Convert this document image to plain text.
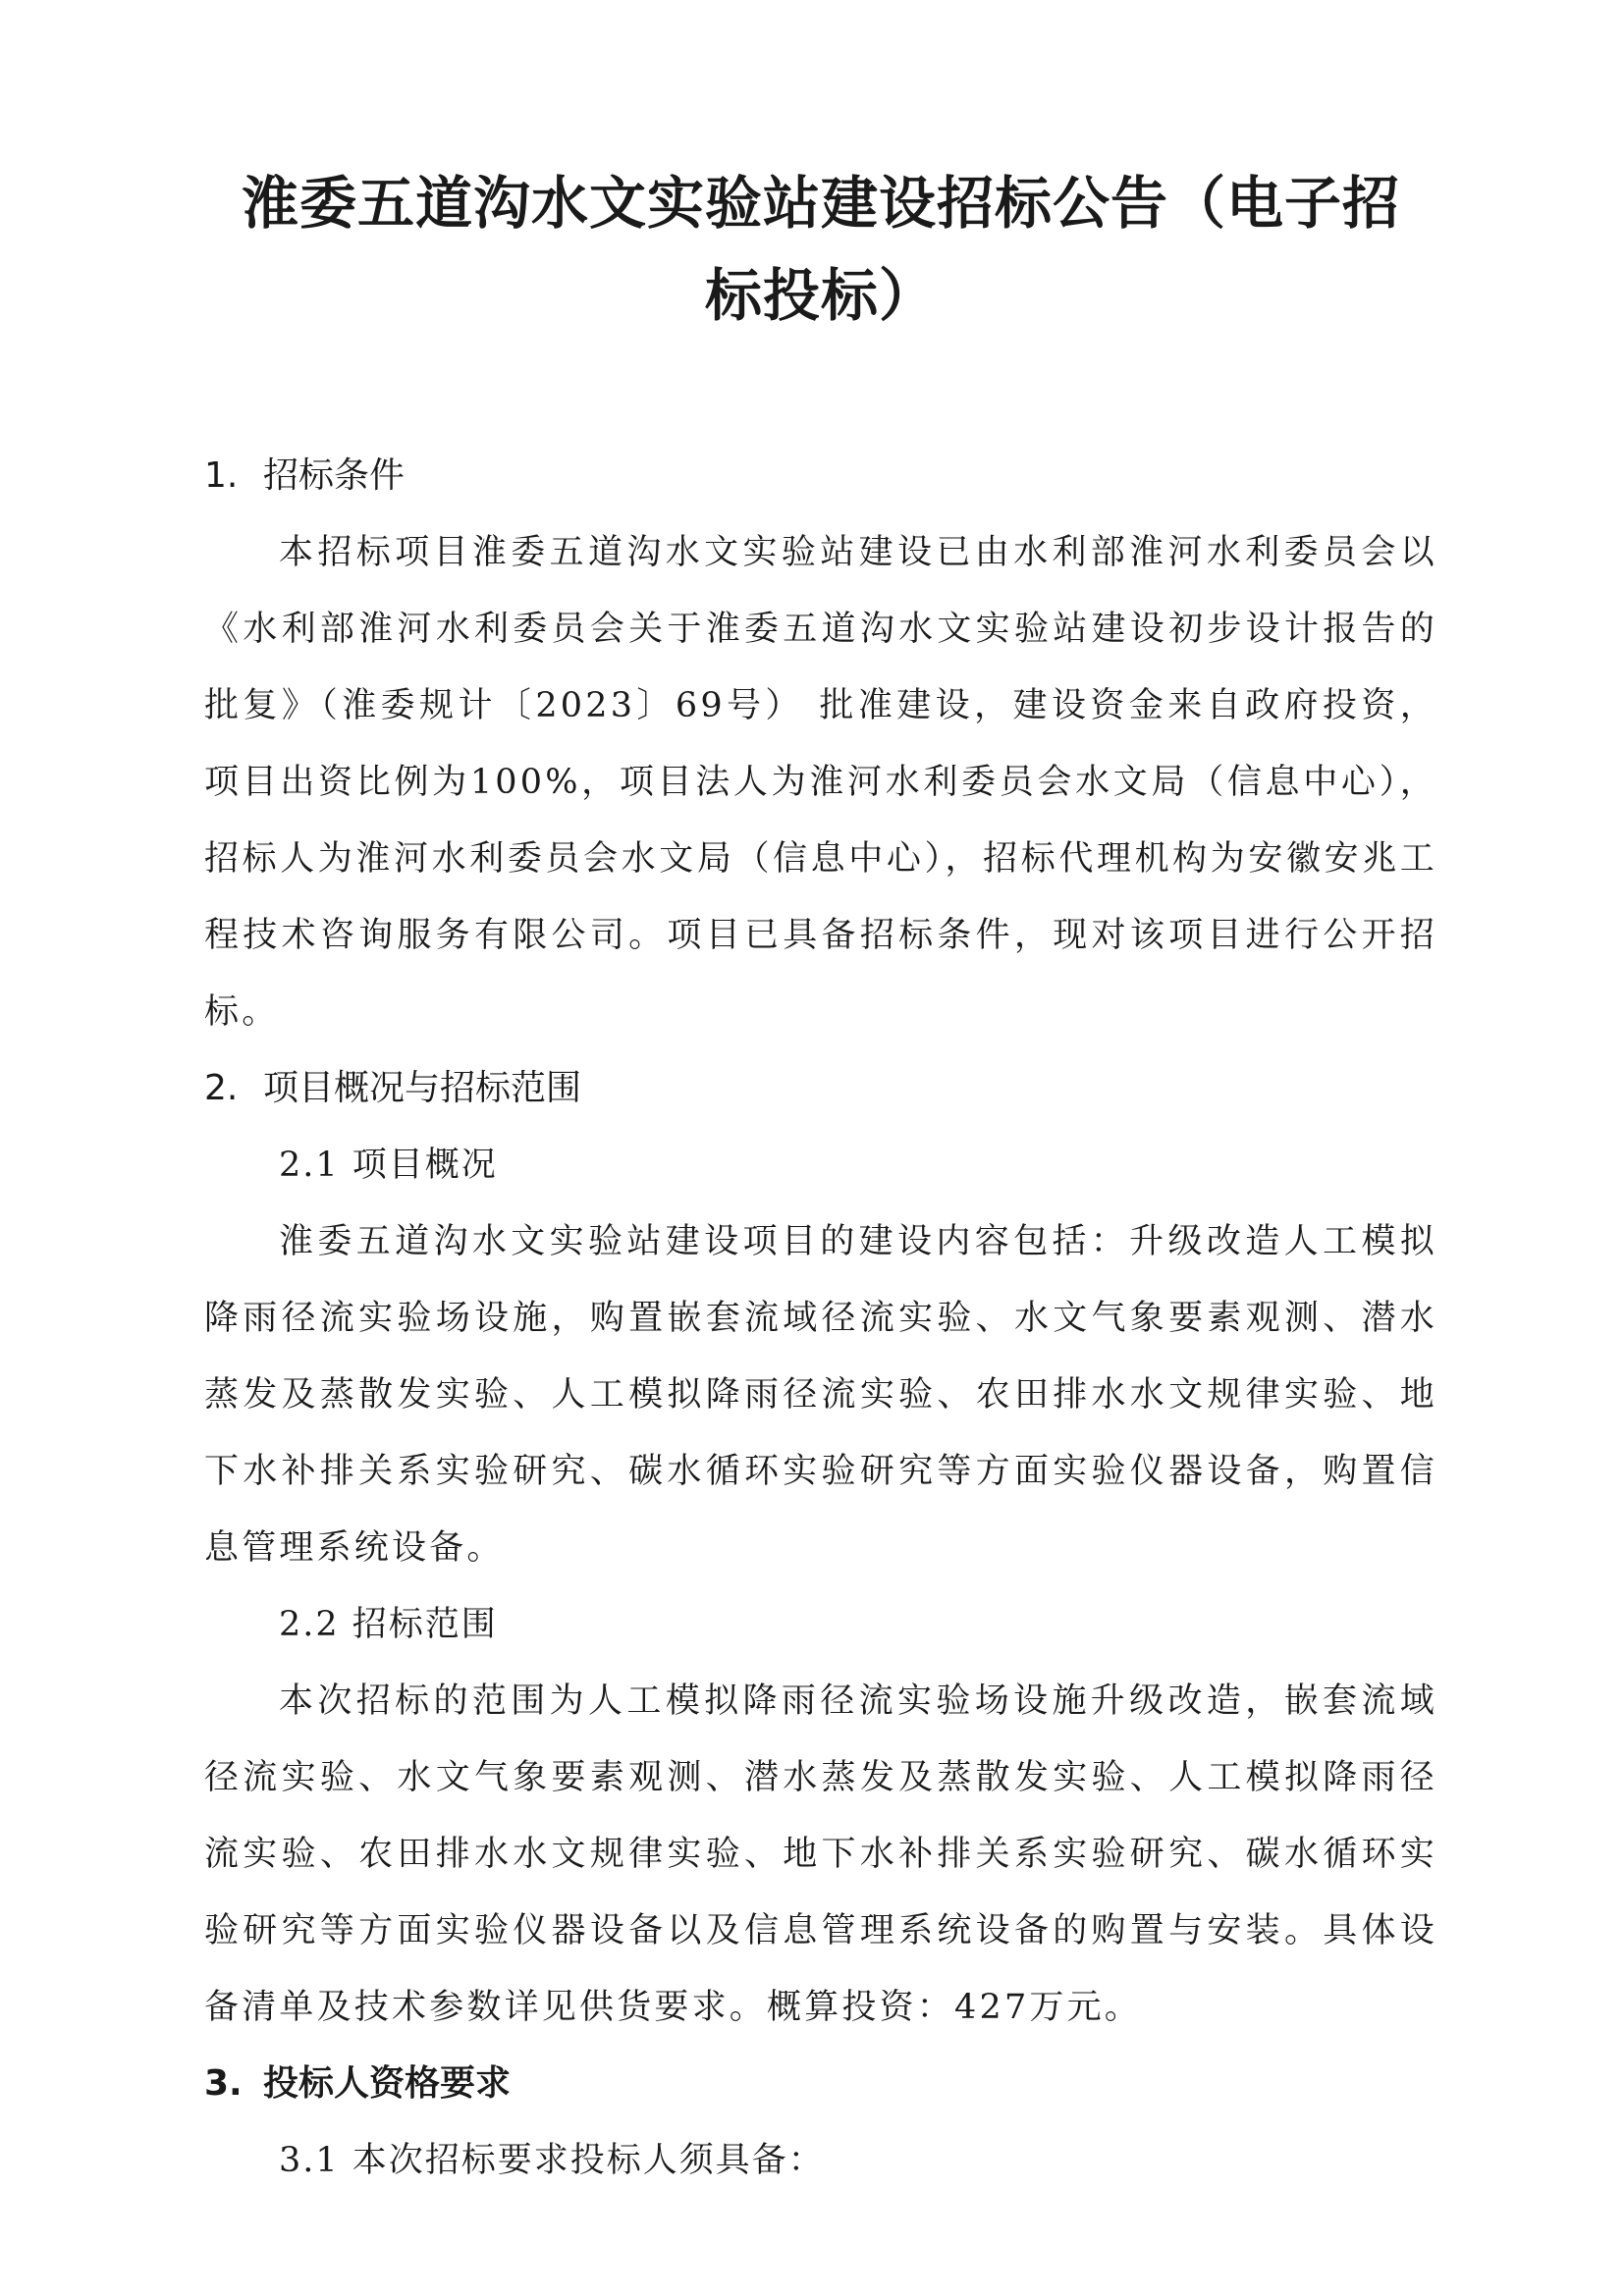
淮委五道沟水文实验站建设招标公告（电子招
标投标）

1. 招标条件

本招标项目淮委五道沟水文实验站建设已由水利部淮河水利委员会以《水利部淮河水利委员会关于淮委五道沟水文实验站建设初步设计报告的批复》（淮委规计〔2023〕69号） 批准建设，建设资金来自政府投资，项目出资比例为100%，项目法人为淮河水利委员会水文局（信息中心），招标人为淮河水利委员会水文局（信息中心），招标代理机构为安徽安兆工程技术咨询服务有限公司。项目已具备招标条件，现对该项目进行公开招标。

2. 项目概况与招标范围

2.1 项目概况

淮委五道沟水文实验站建设项目的建设内容包括：升级改造人工模拟降雨径流实验场设施，购置嵌套流域径流实验、水文气象要素观测、潜水蒸发及蒸散发实验、人工模拟降雨径流实验、农田排水水文规律实验、地下水补排关系实验研究、碳水循环实验研究等方面实验仪器设备，购置信息管理系统设备。

2.2 招标范围

本次招标的范围为人工模拟降雨径流实验场设施升级改造，嵌套流域径流实验、水文气象要素观测、潜水蒸发及蒸散发实验、人工模拟降雨径流实验、农田排水水文规律实验、地下水补排关系实验研究、碳水循环实验研究等方面实验仪器设备以及信息管理系统设备的购置与安装。具体设备清单及技术参数详见供货要求。概算投资：427万元。

3. 投标人资格要求

3.1 本次招标要求投标人须具备：
